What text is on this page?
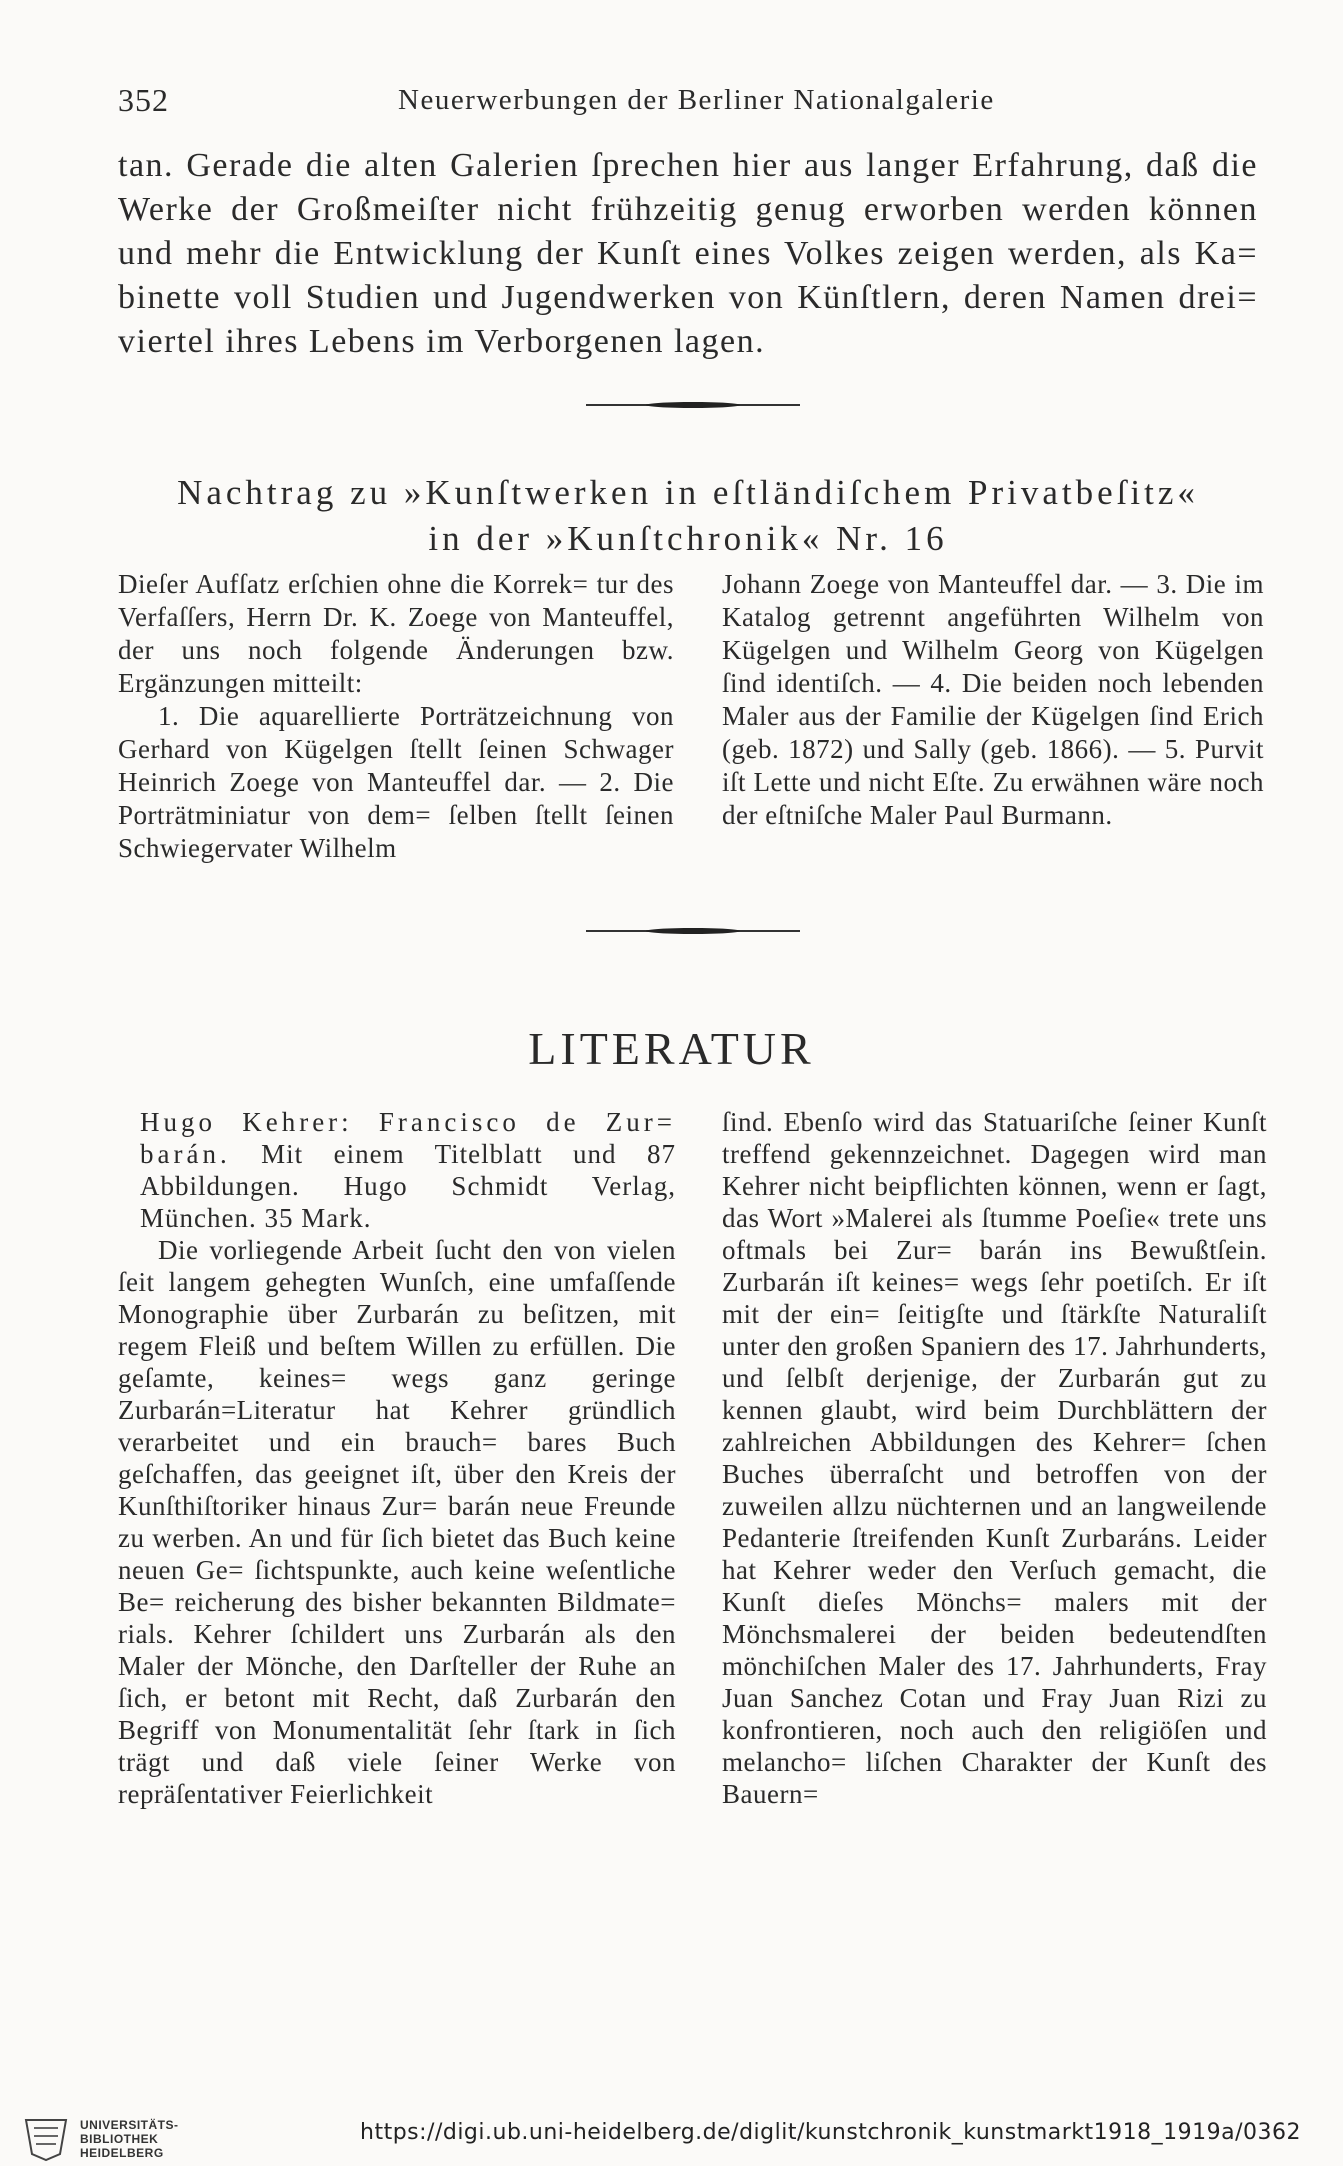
352	Neuerwerbungen der Berliner Nationalgalerie
tan. Gerade die alten Galerien ſprechen hier aus langer Erfahrung, daß die Werke der Großmeiſter nicht frühzeitig genug erworben werden können und mehr die Entwicklung der Kunſt eines Volkes zeigen werden, als Ka= binette voll Studien und Jugendwerken von Künſtlern, deren Namen drei= viertel ihres Lebens im Verborgenen lagen.
Nachtrag zu »Kunſtwerken in eſtländiſchem Privatbeſitz«
in der »Kunſtchronik« Nr. 16

Dieſer Aufſatz erſchien ohne die Korrek= tur des Verfaſſers, Herrn Dr. K. Zoege von Manteuffel, der uns noch folgende Änderungen bzw. Ergänzungen mitteilt:

1. Die aquarellierte Porträtzeichnung von Gerhard von Kügelgen ſtellt ſeinen Schwager Heinrich Zoege von Manteuffel dar. — 2. Die Porträtminiatur von dem= ſelben ſtellt ſeinen Schwiegervater Wilhelm

Johann Zoege von Manteuffel dar. — 3. Die im Katalog getrennt angeführten Wilhelm von Kügelgen und Wilhelm Georg von Kügelgen ſind identiſch. — 4. Die beiden noch lebenden Maler aus der Familie der Kügelgen ſind Erich (geb. 1872) und Sally (geb. 1866). — 5. Purvit iſt Lette und nicht Eſte. Zu erwähnen wäre noch der eſtniſche Maler Paul Burmann.

LITERATUR

Hugo Kehrer: Francisco de Zur= barán. Mit einem Titelblatt und 87 Abbildungen. Hugo Schmidt Verlag, München. 35 Mark.

Die vorliegende Arbeit ſucht den von vielen ſeit langem gehegten Wunſch, eine umfaſſende Monographie über Zurbarán zu beſitzen, mit regem Fleiß und beſtem Willen zu erfüllen. Die geſamte, keines= wegs ganz geringe Zurbarán=Literatur hat Kehrer gründlich verarbeitet und ein brauch= bares Buch geſchaffen, das geeignet iſt, über den Kreis der Kunſthiſtoriker hinaus Zur= barán neue Freunde zu werben. An und für ſich bietet das Buch keine neuen Ge= ſichtspunkte, auch keine weſentliche Be= reicherung des bisher bekannten Bildmate= rials. Kehrer ſchildert uns Zurbarán als den Maler der Mönche, den Darſteller der Ruhe an ſich, er betont mit Recht, daß Zurbarán den Begriff von Monumentalität ſehr ſtark in ſich trägt und daß viele ſeiner Werke von repräſentativer Feierlichkeit

ſind. Ebenſo wird das Statuariſche ſeiner Kunſt treffend gekennzeichnet. Dagegen wird man Kehrer nicht beipflichten können, wenn er ſagt, das Wort »Malerei als ſtumme Poeſie« trete uns oftmals bei Zur= barán ins Bewußtſein. Zurbarán iſt keines= wegs ſehr poetiſch. Er iſt mit der ein= ſeitigſte und ſtärkſte Naturaliſt unter den großen Spaniern des 17. Jahrhunderts, und ſelbſt derjenige, der Zurbarán gut zu kennen glaubt, wird beim Durchblättern der zahlreichen Abbildungen des Kehrer= ſchen Buches überraſcht und betroffen von der zuweilen allzu nüchternen und an langweilende Pedanterie ſtreifenden Kunſt Zurbaráns. Leider hat Kehrer weder den Verſuch gemacht, die Kunſt dieſes Mönchs= malers mit der Mönchsmalerei der beiden bedeutendſten mönchiſchen Maler des 17. Jahrhunderts, Fray Juan Sanchez Cotan und Fray Juan Rizi zu konfrontieren, noch auch den religiöſen und melancho= liſchen Charakter der Kunſt des Bauern=

UNIVERSITÄTS-
BIBLIOTHEK
HEIDELBERG
https://digi.ub.uni-heidelberg.de/diglit/kunstchronik_kunstmarkt1918_1919a/0362
